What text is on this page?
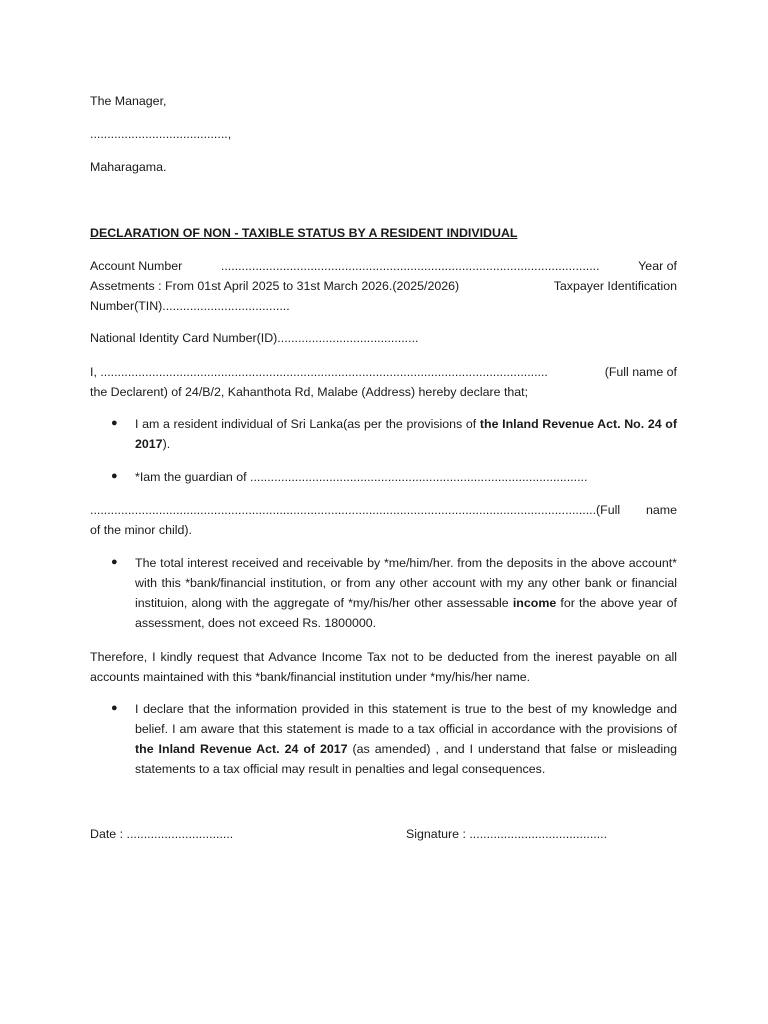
The Manager,
........................................,
Maharagama.
DECLARATION OF NON - TAXIBLE STATUS BY A RESIDENT INDIVIDUAL
Account Number	..............................................................................................................	Year of
Assetments : From 01st April 2025 to 31st March 2026.(2025/2026)	Taxpayer Identification
Number(TIN).....................................
National Identity Card Number(ID).........................................
I, ..................................................................................................................................	(Full name of
the Declarent) of 24/B/2, Kahanthota Rd, Malabe (Address) hereby declare that;
● I am a resident individual of Sri Lanka(as per the provisions of the Inland Revenue Act. No. 24 of 2017).
● *Iam the guardian of ..................................................................................................
...................................................................................................................................................(Full name
of the minor child).
● The total interest received and receivable by *me/him/her. from the deposits in the above account* with this *bank/financial institution, or from any other account with my any other bank or financial instituion, along with the aggregate of *my/his/her other assessable income for the above year of assessment, does not exceed Rs. 1800000.
Therefore, I kindly request that Advance Income Tax not to be deducted from the inerest payable on all accounts maintained with this *bank/financial institution under *my/his/her name.
● I declare that the information provided in this statement is true to the best of my knowledge and belief. I am aware that this statement is made to a tax official in accordance with the provisions of the Inland Revenue Act. 24 of 2017 (as amended) , and I understand that false or misleading statements to a tax official may result in penalties and legal consequences.
Date : ...............................	Signature : ........................................
